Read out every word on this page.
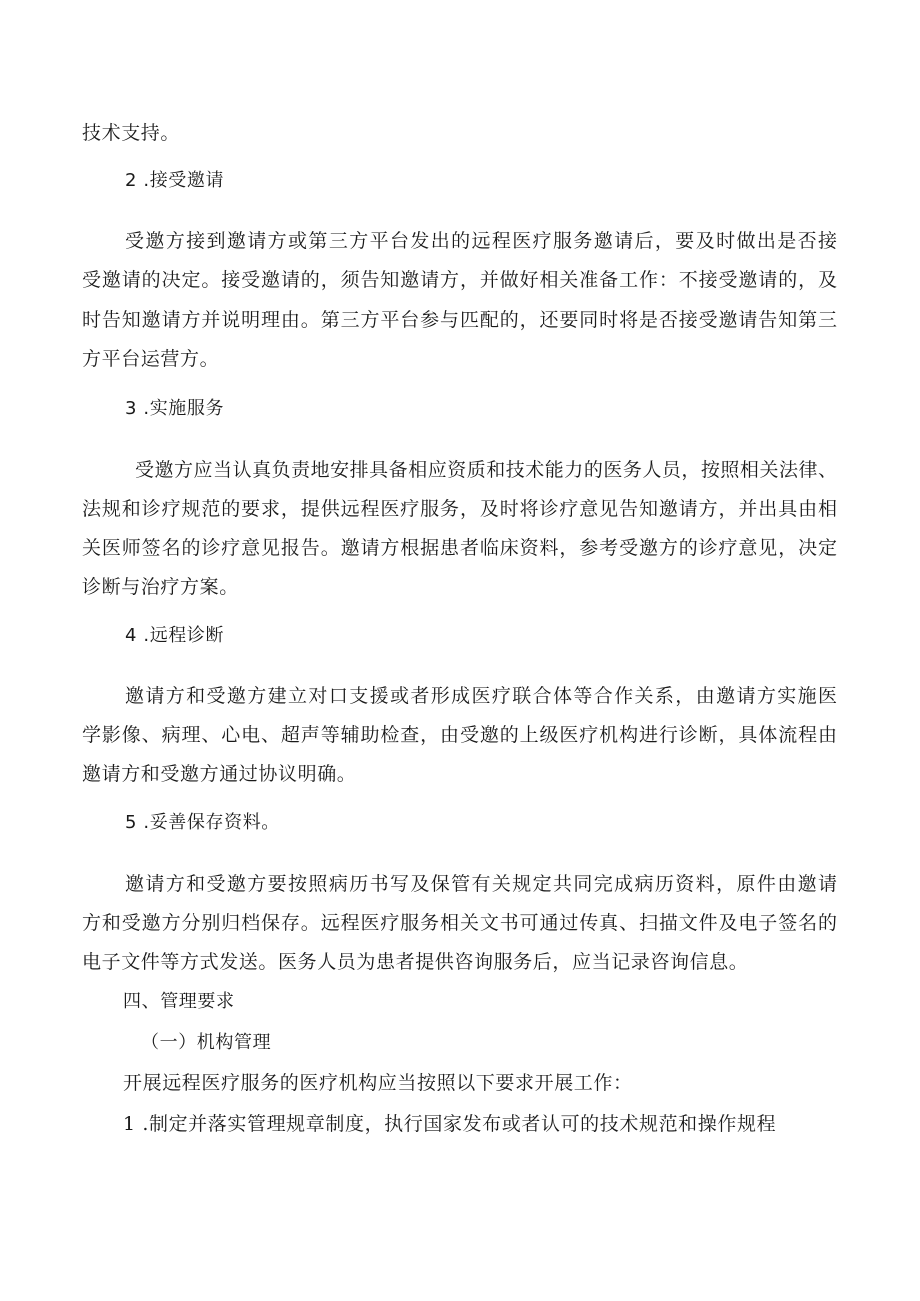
技术支持。

2 .接受邀请

受邀方接到邀请方或第三方平台发出的远程医疗服务邀请后，要及时做出是否接

受邀请的决定。接受邀请的，须告知邀请方，并做好相关准备工作：不接受邀请的，及

时告知邀请方并说明理由。第三方平台参与匹配的，还要同时将是否接受邀请告知第三

方平台运营方。

3 .实施服务

受邀方应当认真负责地安排具备相应资质和技术能力的医务人员，按照相关法律、

法规和诊疗规范的要求，提供远程医疗服务，及时将诊疗意见告知邀请方，并出具由相

关医师签名的诊疗意见报告。邀请方根据患者临床资料，参考受邀方的诊疗意见，决定

诊断与治疗方案。

4 .远程诊断

邀请方和受邀方建立对口支援或者形成医疗联合体等合作关系，由邀请方实施医

学影像、病理、心电、超声等辅助检查，由受邀的上级医疗机构进行诊断，具体流程由

邀请方和受邀方通过协议明确。

5 .妥善保存资料。

邀请方和受邀方要按照病历书写及保管有关规定共同完成病历资料，原件由邀请

方和受邀方分别归档保存。远程医疗服务相关文书可通过传真、扫描文件及电子签名的

电子文件等方式发送。医务人员为患者提供咨询服务后，应当记录咨询信息。

四、管理要求

（一）机构管理

开展远程医疗服务的医疗机构应当按照以下要求开展工作：

1 .制定并落实管理规章制度，执行国家发布或者认可的技术规范和操作规程
